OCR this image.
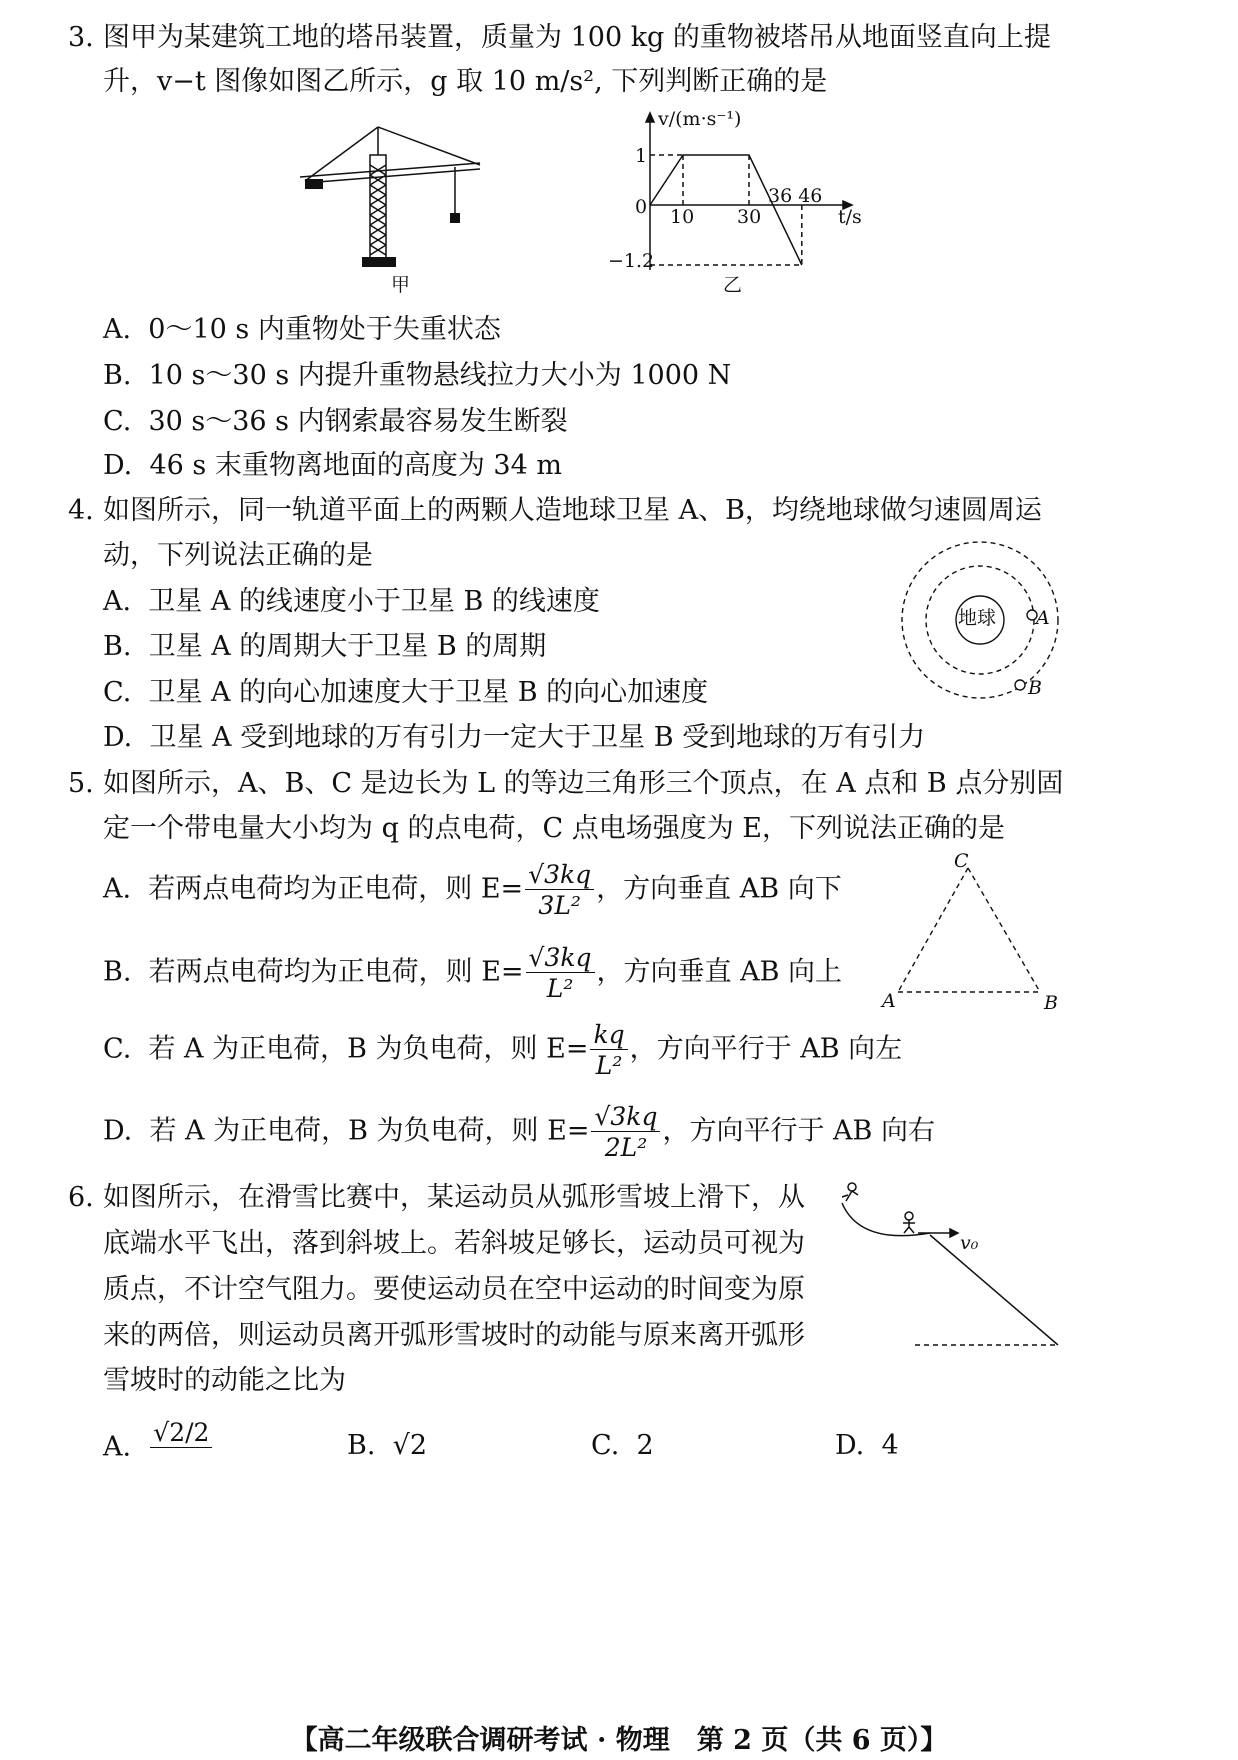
3. 图甲为某建筑工地的塔吊装置，质量为 100 kg 的重物被塔吊从地面竖直向上提
升，v−t 图像如图乙所示，g 取 10 m/s², 下列判断正确的是
甲
v/(m·s⁻¹)
t/s
0
1
−1.2
10 30
36 46
乙
A. 0～10 s 内重物处于失重状态
B. 10 s～30 s 内提升重物悬线拉力大小为 1000 N
C. 30 s～36 s 内钢索最容易发生断裂
D. 46 s 末重物离地面的高度为 34 m
4. 如图所示，同一轨道平面上的两颗人造地球卫星 A、B，均绕地球做匀速圆周运
动，下列说法正确的是
地球 A
B
A. 卫星 A 的线速度小于卫星 B 的线速度
B. 卫星 A 的周期大于卫星 B 的周期
C. 卫星 A 的向心加速度大于卫星 B 的向心加速度
D. 卫星 A 受到地球的万有引力一定大于卫星 B 受到地球的万有引力
5. 如图所示，A、B、C 是边长为 L 的等边三角形三个顶点，在 A 点和 B 点分别固
定一个带电量大小均为 q 的点电荷，C 点电场强度为 E，下列说法正确的是
A	B
C
A. 若两点电荷均为正电荷，则 $E= \frac{√3kq}{\text{3L²}}$ ，方向垂直 AB 向下
B. 若两点电荷均为正电荷，则 $E= \frac{√3kq}{\text{L²}}$ ，方向垂直 AB 向上
C. 若 A 为正电荷，B 为负电荷，则 $E= \frac{kq}{\text{L²}}$ ，方向平行于 AB 向左
D. 若 A 为正电荷，B 为负电荷，则 $E= \frac{√3kq}{\text{2L²}}$ ，方向平行于 AB 向右
6. 如图所示，在滑雪比赛中，某运动员从弧形雪坡上滑下，从
底端水平飞出，落到斜坡上。若斜坡足够长，运动员可视为
质点，不计空气阻力。要使运动员在空中运动的时间变为原
来的两倍，则运动员离开弧形雪坡时的动能与原来离开弧形
雪坡时的动能之比为
v₀
A. √2/2
	B. √2	C. 2	D. 4
【高二年级联合调研考试 · 物理　第 2 页（共 6 页）】
